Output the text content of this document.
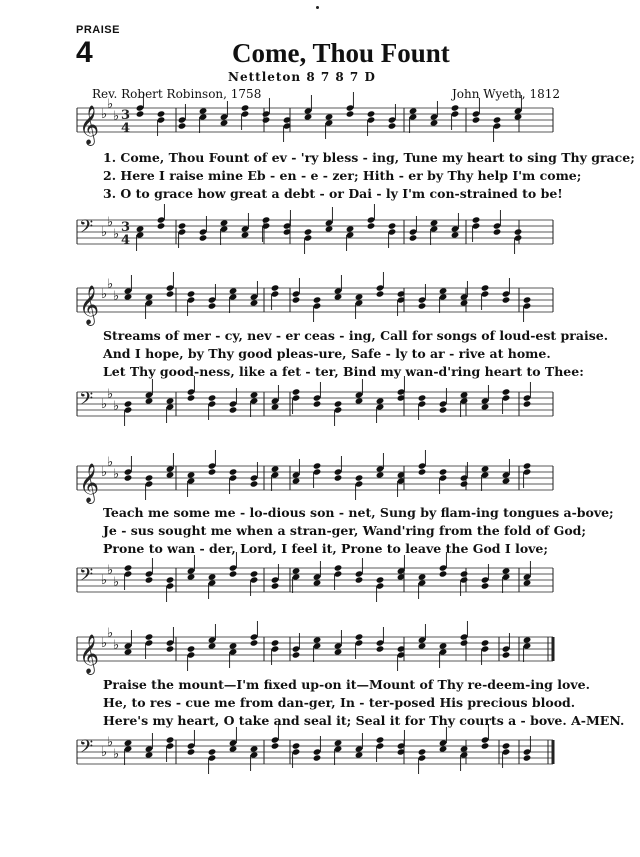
PRAISE
4	Come, Thou Fount
Nettleton 8 7 8 7 D
Rev. Robert Robinson, 1758	John Wyeth, 1812
𝄞 ♭
♭
♭ 3
4
𝄢 ♭
♭
♭ 3
4
𝄞 ♭
♭
♭
𝄢 ♭
♭
♭
𝄞 ♭
♭
♭
𝄢 ♭
♭
♭
𝄞 ♭
♭
♭
𝄢 ♭
♭
♭
1. Come, Thou Fount of ev - 'ry bless - ing, Tune my heart to sing Thy grace;
2. Here I raise mine Eb - en - e - zer; Hith - er by Thy help I'm come;
3. O to grace how great a debt - or Dai - ly I'm con-strained to be!
Streams of mer - cy, nev - er ceas - ing, Call for songs of loud-est praise.
And I hope, by Thy good pleas-ure, Safe - ly to ar - rive at home.
Let Thy good-ness, like a fet - ter, Bind my wan-d'ring heart to Thee:
Teach me some me - lo-dious son - net, Sung by flam-ing tongues a-bove;
Je - sus sought me when a stran-ger, Wand'ring from the fold of God;
Prone to wan - der, Lord, I feel it, Prone to leave the God I love;
Praise the mount—I'm fixed up-on it—Mount of Thy re-deem-ing love.
He, to res - cue me from dan-ger, In - ter-posed His precious blood.
Here's my heart, O take and seal it; Seal it for Thy courts a - bove. A-MEN.
